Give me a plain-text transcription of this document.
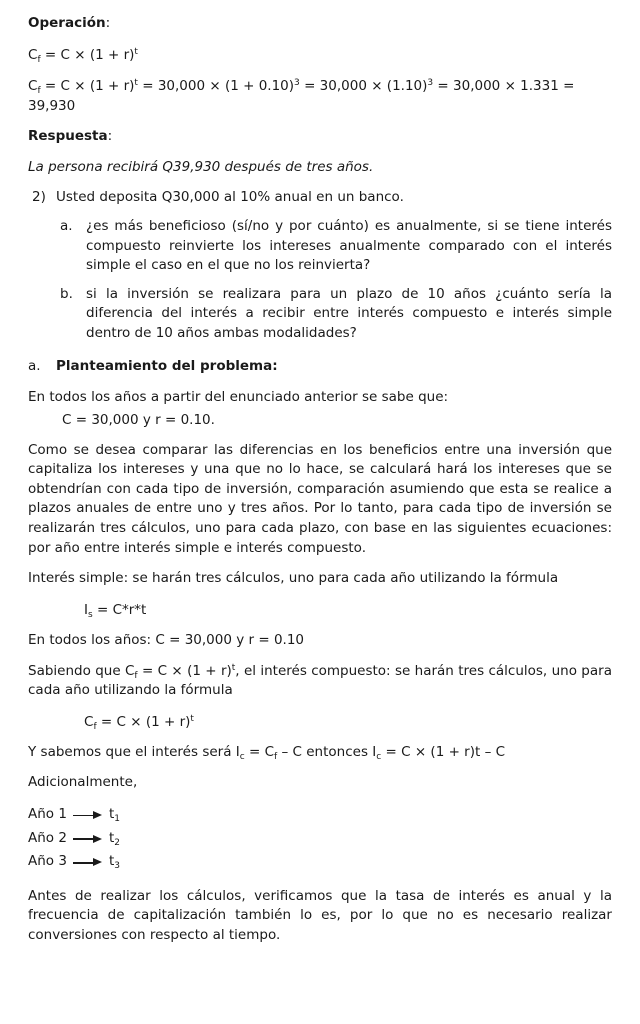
Operación:

$C_f = C \times (1 + r)^t$

$C_f = C \times (1 + r)^t = 30,000 \times (1 + 0.10)^3 = 30,000 \times (1.10)^3 = 30,000 \times 1.331 = 39,930$

Respuesta:

La persona recibirá Q39,930 después de tres años.

2) Usted deposita Q30,000 al 10% anual en un banco.
a. ¿es más beneficioso (sí/no y por cuánto) es anualmente, si se tiene interés compuesto reinvierte los intereses anualmente comparado con el interés simple el caso en el que no los reinvierta?
b. si la inversión se realizara para un plazo de 10 años ¿cuánto sería la diferencia del interés a recibir entre interés compuesto e interés simple dentro de 10 años ambas modalidades?
a.	Planteamiento del problema:

En todos los años a partir del enunciado anterior se sabe que:

C = 30,000 y r = 0.10.

Como se desea comparar las diferencias en los beneficios entre una inversión que capitaliza los intereses y una que no lo hace, se calculará hará los intereses que se obtendrían con cada tipo de inversión, comparación asumiendo que esta se realice a plazos anuales de entre uno y tres años. Por lo tanto, para cada tipo de inversión se realizarán tres cálculos, uno para cada plazo, con base en las siguientes ecuaciones: por año entre interés simple e interés compuesto.

Interés simple: se harán tres cálculos, uno para cada año utilizando la fórmula

$I_s = C*r*t$

En todos los años: C = 30,000 y r = 0.10

Sabiendo que $C_f = C \times (1 + r)^t$, el interés compuesto: se harán tres cálculos, uno para cada año utilizando la fórmula

$C_f = C \times (1 + r)^t$

Y sabemos que el interés será $I_c = C_f - C$ entonces $I_c = C \times (1 + r)t - C$

Adicionalmente,

Año 1	$t_1$
Año 2	$t_2$
Año 3	$t_3$

Antes de realizar los cálculos, verificamos que la tasa de interés es anual y la frecuencia de capitalización también lo es, por lo que no es necesario realizar conversiones con respecto al tiempo.
